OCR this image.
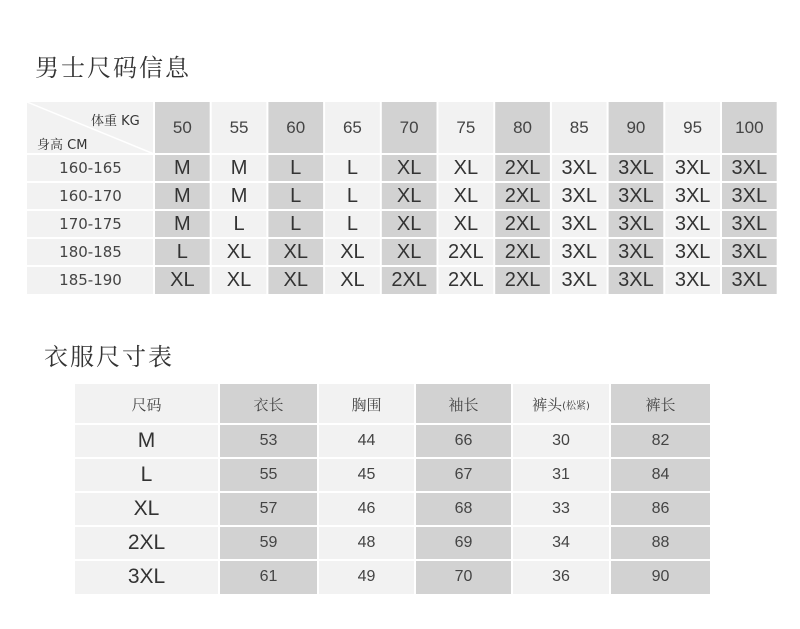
男士尺码信息
体重 KG
身高 CM
50 55 60 65 70 75 80 85 90 95 100
160-165	M M L L XL XL 2XL 3XL 3XL 3XL 3XL
160-170	M M L L XL XL 2XL 3XL 3XL 3XL 3XL
170-175	M L L L XL XL 2XL 3XL 3XL 3XL 3XL
180-185	L XL XL XL XL 2XL 2XL 3XL 3XL 3XL 3XL
185-190 XL XL XL XL 2XL 2XL 2XL 3XL 3XL 3XL 3XL
衣服尺寸表
尺码	衣长	胸围	袖长	裤头 (松紧)	裤长
M	53	44	66	30	82
L	55	45	67	31	84
XL	57	46	68	33	86
2XL	59	48	69	34	88
3XL	61	49	70	36	90
